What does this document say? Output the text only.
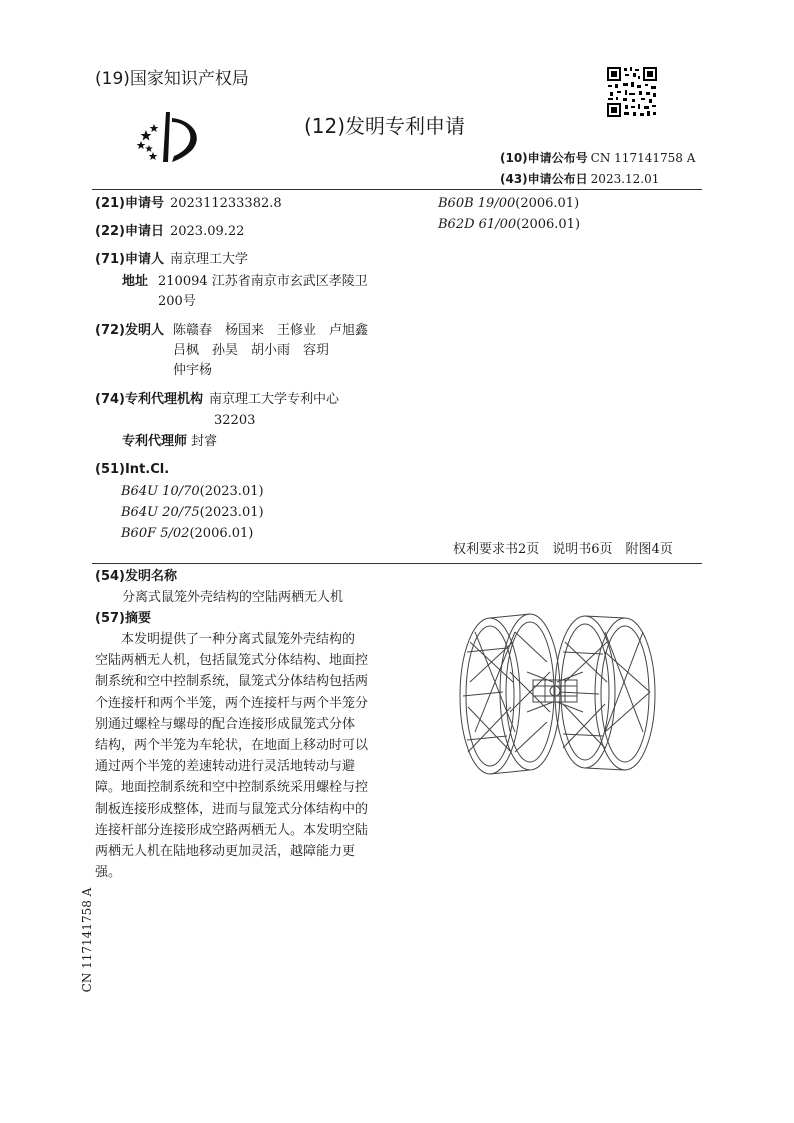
(19)国家知识产权局
(12)发明专利申请
(10)申请公布号 CN 117141758 A
(43)申请公布日 2023.12.01
(21)申请号 202311233382.8
(22)申请日 2023.09.22
(71)申请人 南京理工大学
地址 210094 江苏省南京市玄武区孝陵卫
200号
(72)发明人 陈赣春　杨国来　王修业　卢旭鑫
吕枫　孙昊　胡小雨　容玥
仲宇杨
(74)专利代理机构 南京理工大学专利中心
32203
专利代理师 封睿
(51)Int.Cl.
B64U 10/70(2023.01)
B64U 20/75(2023.01)
B60F 5/02(2006.01)
B60B 19/00(2006.01)
B62D 61/00(2006.01)
权利要求书2页　说明书6页　附图4页
(54)发明名称
分离式鼠笼外壳结构的空陆两栖无人机
(57)摘要

本发明提供了一种分离式鼠笼外壳结构的

空陆两栖无人机，包括鼠笼式分体结构、地面控

制系统和空中控制系统，鼠笼式分体结构包括两

个连接杆和两个半笼，两个连接杆与两个半笼分

别通过螺栓与螺母的配合连接形成鼠笼式分体

结构，两个半笼为车轮状，在地面上移动时可以

通过两个半笼的差速转动进行灵活地转动与避

障。地面控制系统和空中控制系统采用螺栓与控

制板连接形成整体，进而与鼠笼式分体结构中的

连接杆部分连接形成空路两栖无人。本发明空陆

两栖无人机在陆地移动更加灵活，越障能力更

强。

CN 117141758 A
